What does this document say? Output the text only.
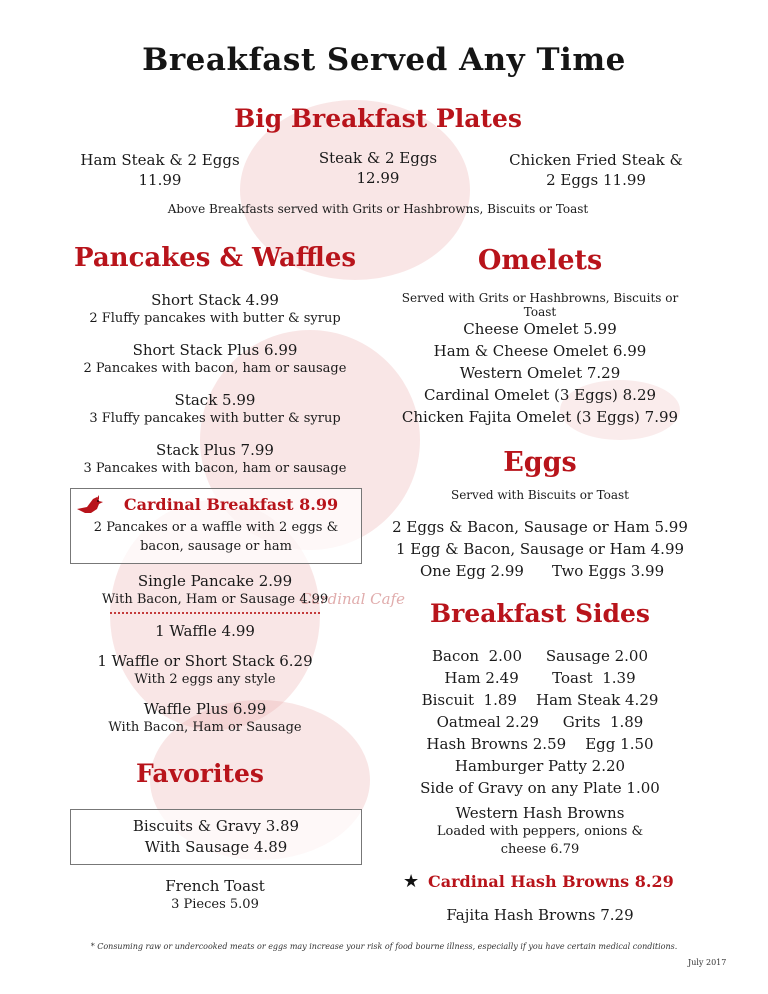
Cardinal Cafe
Breakfast Served Any Time
Big Breakfast Plates
Ham Steak & 2 Eggs
11.99
Steak & 2 Eggs
12.99
Chicken Fried Steak &
2 Eggs 11.99
Above Breakfasts served with Grits or Hashbrowns, Biscuits or Toast
Pancakes & Waffles
Short Stack 4.99
2 Fluffy pancakes with butter & syrup
Short Stack Plus 6.99
2 Pancakes with bacon, ham or sausage
Stack 5.99
3 Fluffy pancakes with butter & syrup
Stack Plus 7.99
3 Pancakes with bacon, ham or sausage
Cardinal Breakfast 8.99
2 Pancakes or a waffle with 2 eggs &
bacon, sausage or ham
Single Pancake 2.99
With Bacon, Ham or Sausage 4.99
1 Waffle 4.99
1 Waffle or Short Stack 6.29
With 2 eggs any style
Waffle Plus 6.99
With Bacon, Ham or Sausage
Favorites
Biscuits & Gravy 3.89
With Sausage 4.89
French Toast
3 Pieces 5.09
Omelets
Served with Grits or Hashbrowns, Biscuits or Toast
Cheese Omelet 5.99
Ham & Cheese Omelet 6.99
Western Omelet 7.29
Cardinal Omelet (3 Eggs) 8.29
Chicken Fajita Omelet (3 Eggs) 7.99
Eggs
Served with Biscuits or Toast
2 Eggs & Bacon, Sausage or Ham 5.99
1 Egg & Bacon, Sausage or Ham 4.99
One Egg 2.99 Two Eggs 3.99
Breakfast Sides
Bacon  2.00     Sausage 2.00
Ham 2.49       Toast  1.39
Biscuit  1.89    Ham Steak 4.29
Oatmeal 2.29     Grits  1.89
Hash Browns 2.59    Egg 1.50
Hamburger Patty 2.20
Side of Gravy on any Plate 1.00
Western Hash Browns
Loaded with peppers, onions &
cheese 6.79
★ Cardinal Hash Browns 8.29
Fajita Hash Browns 7.29
* Consuming raw or undercooked meats or eggs may increase your risk of food bourne illness, especially if you have certain medical conditions.
July 2017
